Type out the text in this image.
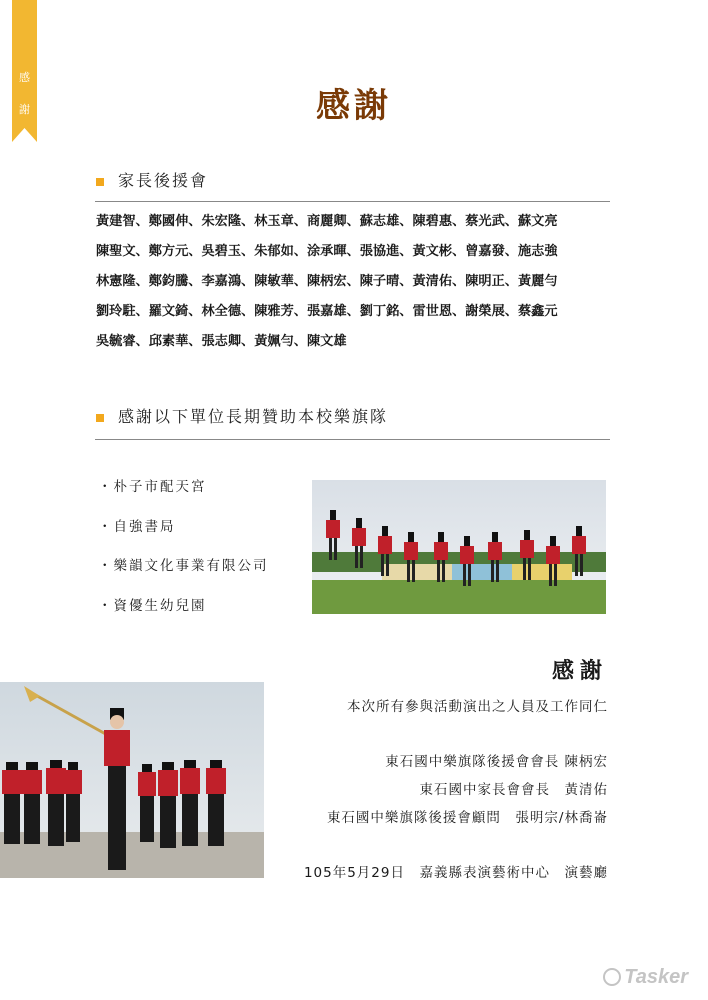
感
謝	感謝
家長後援會
黃建智、鄭國伸、朱宏隆、林玉章、商麗卿、蘇志雄、陳碧惠、蔡光武、蘇文亮
陳聖文、鄭方元、吳碧玉、朱郁如、涂承暉、張協進、黃文彬、曾嘉發、施志強
林憲隆、鄭鈞騰、李嘉鴻、陳敏華、陳柄宏、陳子晴、黃清佑、陳明正、黃麗勻
劉玲駐、羅文錡、林全德、陳雅芳、張嘉雄、劉丁銘、雷世恩、謝榮展、蔡鑫元
吳毓睿、邱素華、張志卿、黃姵勻、陳文雄
感謝以下單位長期贊助本校樂旗隊
・朴子市配天宮
・自強書局
・樂韻文化事業有限公司
・資優生幼兒園
感謝
本次所有參與活動演出之人員及工作同仁
東石國中樂旗隊後援會會長 陳柄宏
東石國中家長會會長　黃清佑
東石國中樂旗隊後援會顧問　張明宗/林喬崙
105年5月29日　嘉義縣表演藝術中心　演藝廳
Tasker
